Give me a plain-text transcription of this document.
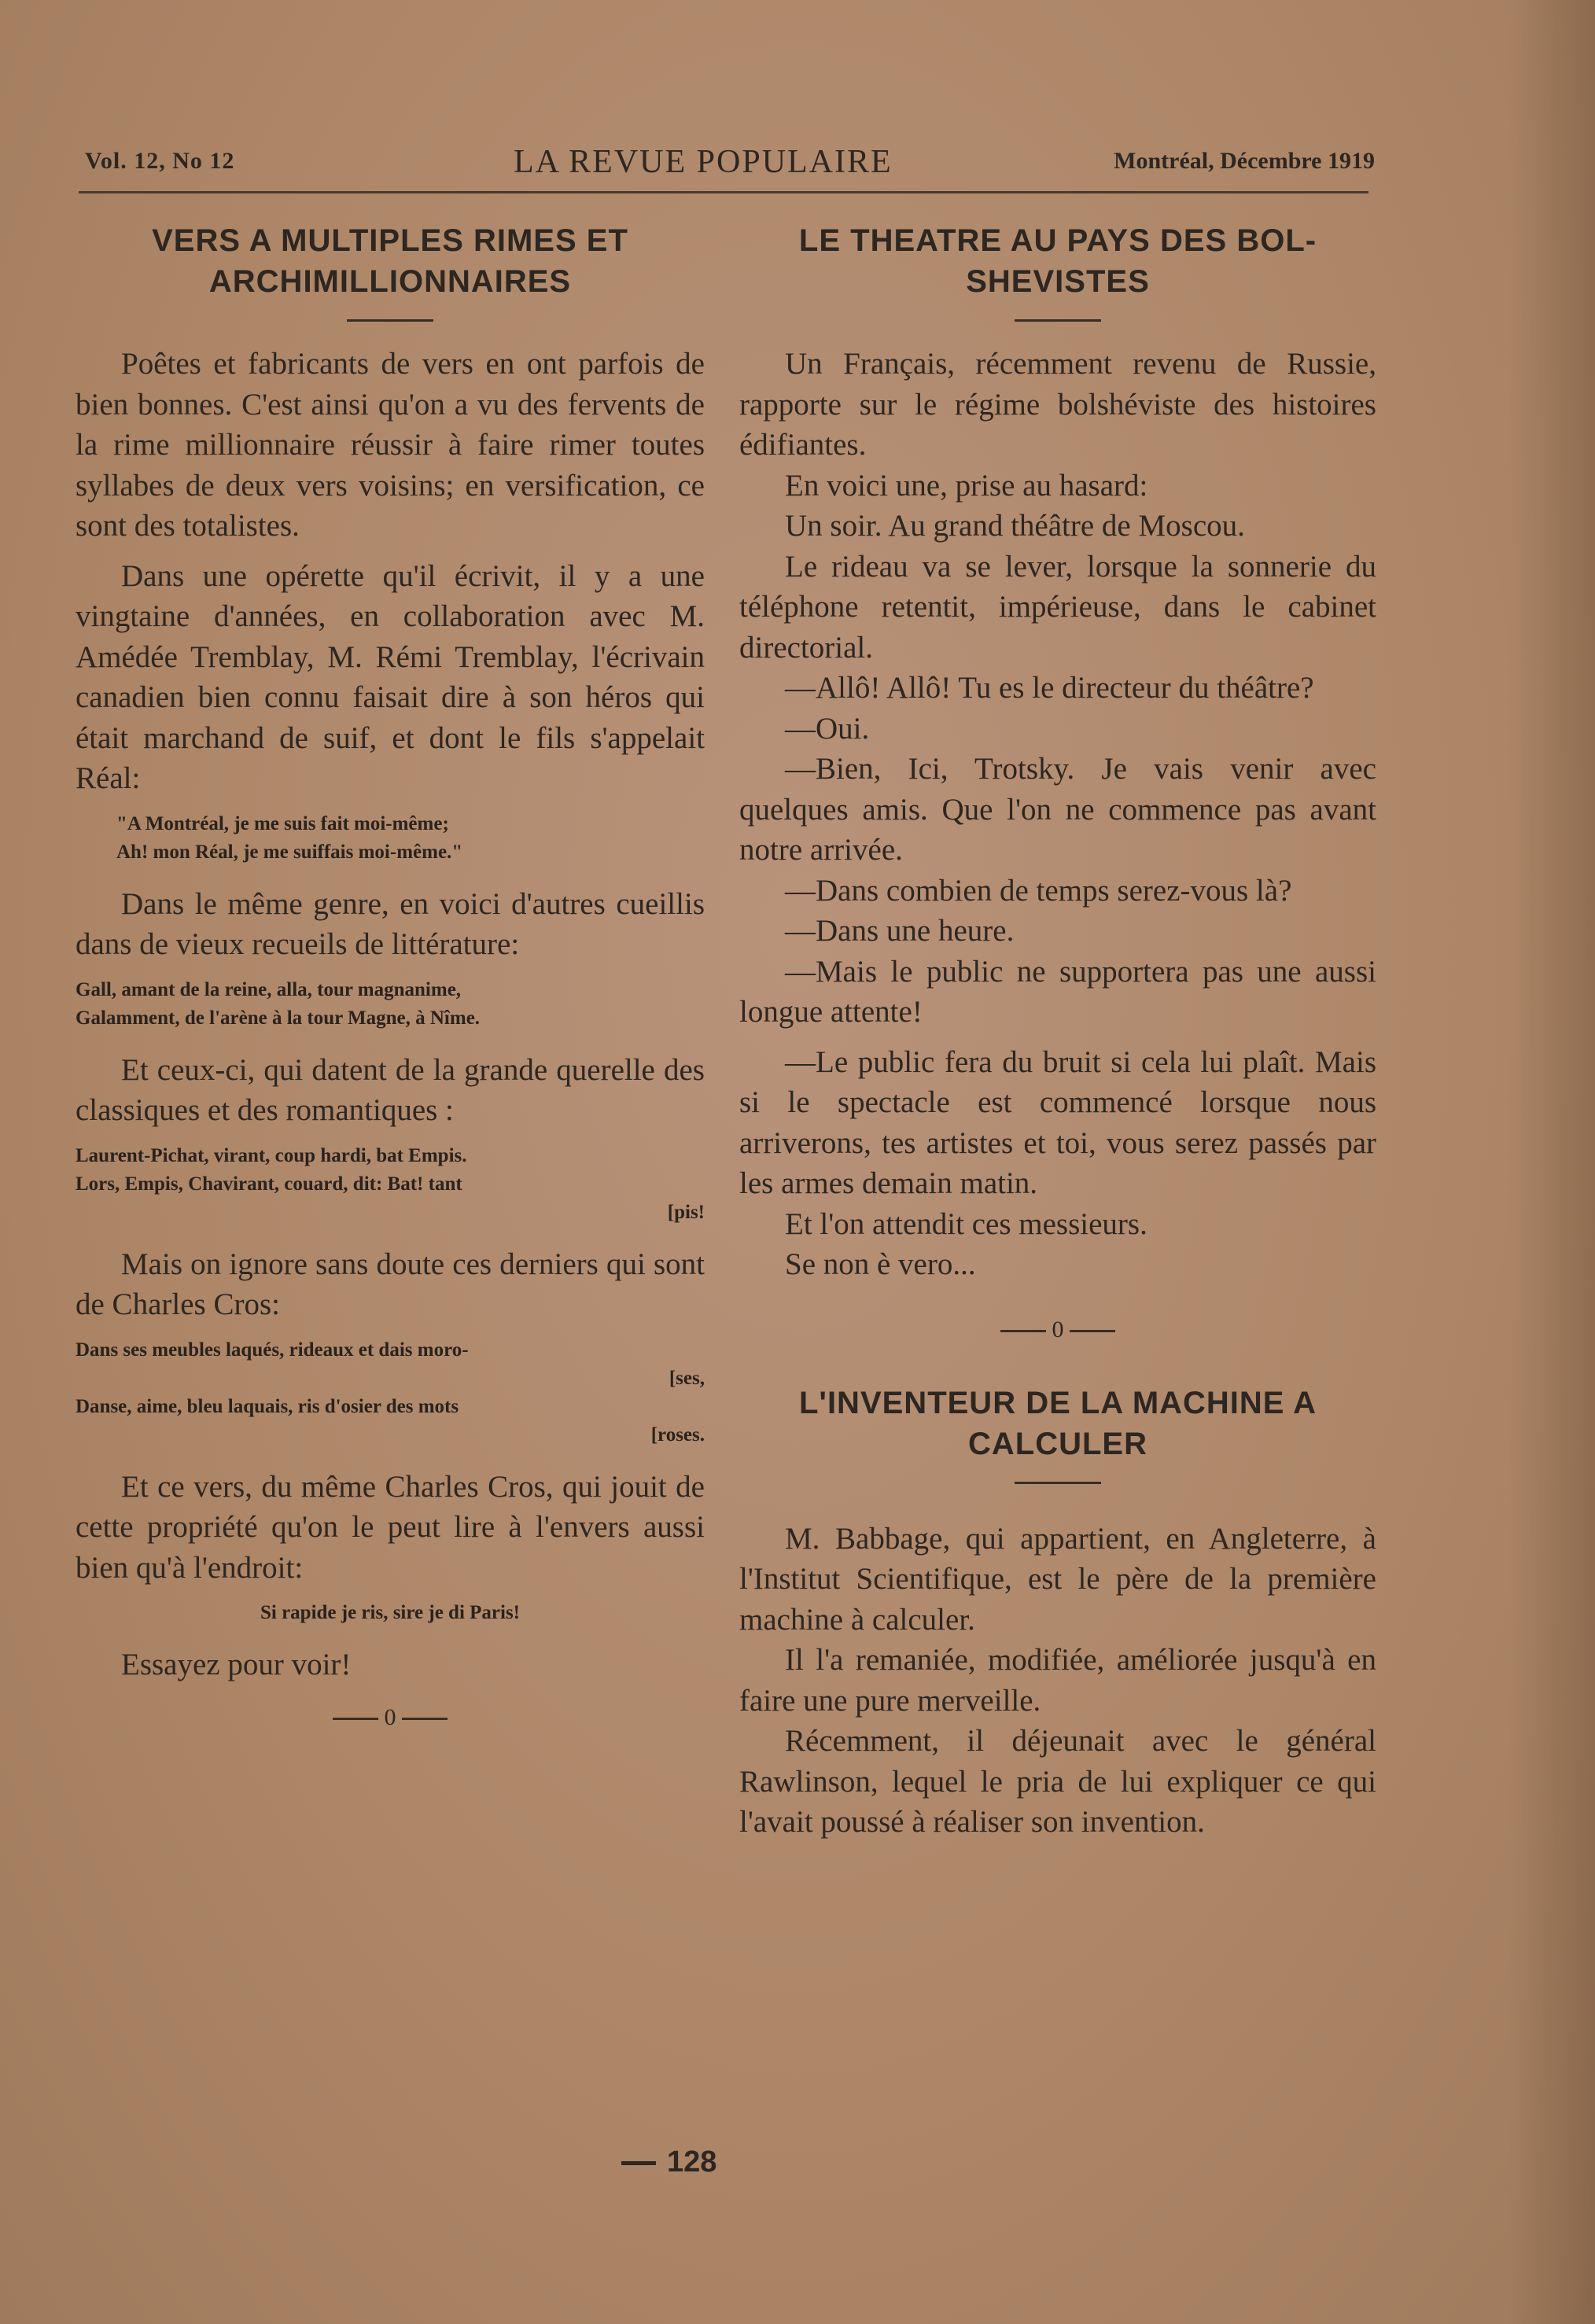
Vol. 12, No 12	LA REVUE POPULAIRE	Montréal, Décembre 1919
VERS A MULTIPLES RIMES ET
ARCHIMILLIONNAIRES

Poêtes et fabricants de vers en ont parfois de bien bonnes. C'est ainsi qu'on a vu des fervents de la rime millionnaire réussir à faire rimer toutes syllabes de deux vers voisins; en versification, ce sont des totalistes.

Dans une opérette qu'il écrivit, il y a une vingtaine d'années, en collaboration avec M. Amédée Tremblay, M. Rémi Tremblay, l'écrivain canadien bien connu faisait dire à son héros qui était marchand de suif, et dont le fils s'appelait Réal:

"A Montréal, je me suis fait moi-même;
Ah! mon Réal, je me suiffais moi-même."

Dans le même genre, en voici d'autres cueillis dans de vieux recueils de littérature:

Gall, amant de la reine, alla, tour magnanime,
Galamment, de l'arène à la tour Magne, à Nîme.

Et ceux-ci, qui datent de la grande querelle des classiques et des romantiques :

Laurent-Pichat, virant, coup hardi, bat Empis.
Lors, Empis, Chavirant, couard, dit: Bat! tant
[pis!

Mais on ignore sans doute ces derniers qui sont de Charles Cros:

Dans ses meubles laqués, rideaux et dais moro-
[ses,
Danse, aime, bleu laquais, ris d'osier des mots
[roses.

Et ce vers, du même Charles Cros, qui jouit de cette propriété qu'on le peut lire à l'envers aussi bien qu'à l'endroit:

Si rapide je ris, sire je di Paris!

Essayez pour voir!

0
LE THEATRE AU PAYS DES BOL-
SHEVISTES

Un Français, récemment revenu de Russie, rapporte sur le régime bolshéviste des histoires édifiantes.

En voici une, prise au hasard:

Un soir. Au grand théâtre de Moscou.

Le rideau va se lever, lorsque la sonnerie du téléphone retentit, impérieuse, dans le cabinet directorial.

—Allô! Allô! Tu es le directeur du théâtre?

—Oui.

—Bien, Ici, Trotsky. Je vais venir avec quelques amis. Que l'on ne commence pas avant notre arrivée.

—Dans combien de temps serez-vous là?

—Dans une heure.

—Mais le public ne supportera pas une aussi longue attente!

—Le public fera du bruit si cela lui plaît. Mais si le spectacle est commencé lorsque nous arriverons, tes artistes et toi, vous serez passés par les armes demain matin.

Et l'on attendit ces messieurs.

Se non è vero...

0
L'INVENTEUR DE LA MACHINE A
CALCULER

M. Babbage, qui appartient, en Angleterre, à l'Institut Scientifique, est le père de la première machine à calculer.

Il l'a remaniée, modifiée, améliorée jusqu'à en faire une pure merveille.

Récemment, il déjeunait avec le général Rawlinson, lequel le pria de lui expliquer ce qui l'avait poussé à réaliser son invention.

128
